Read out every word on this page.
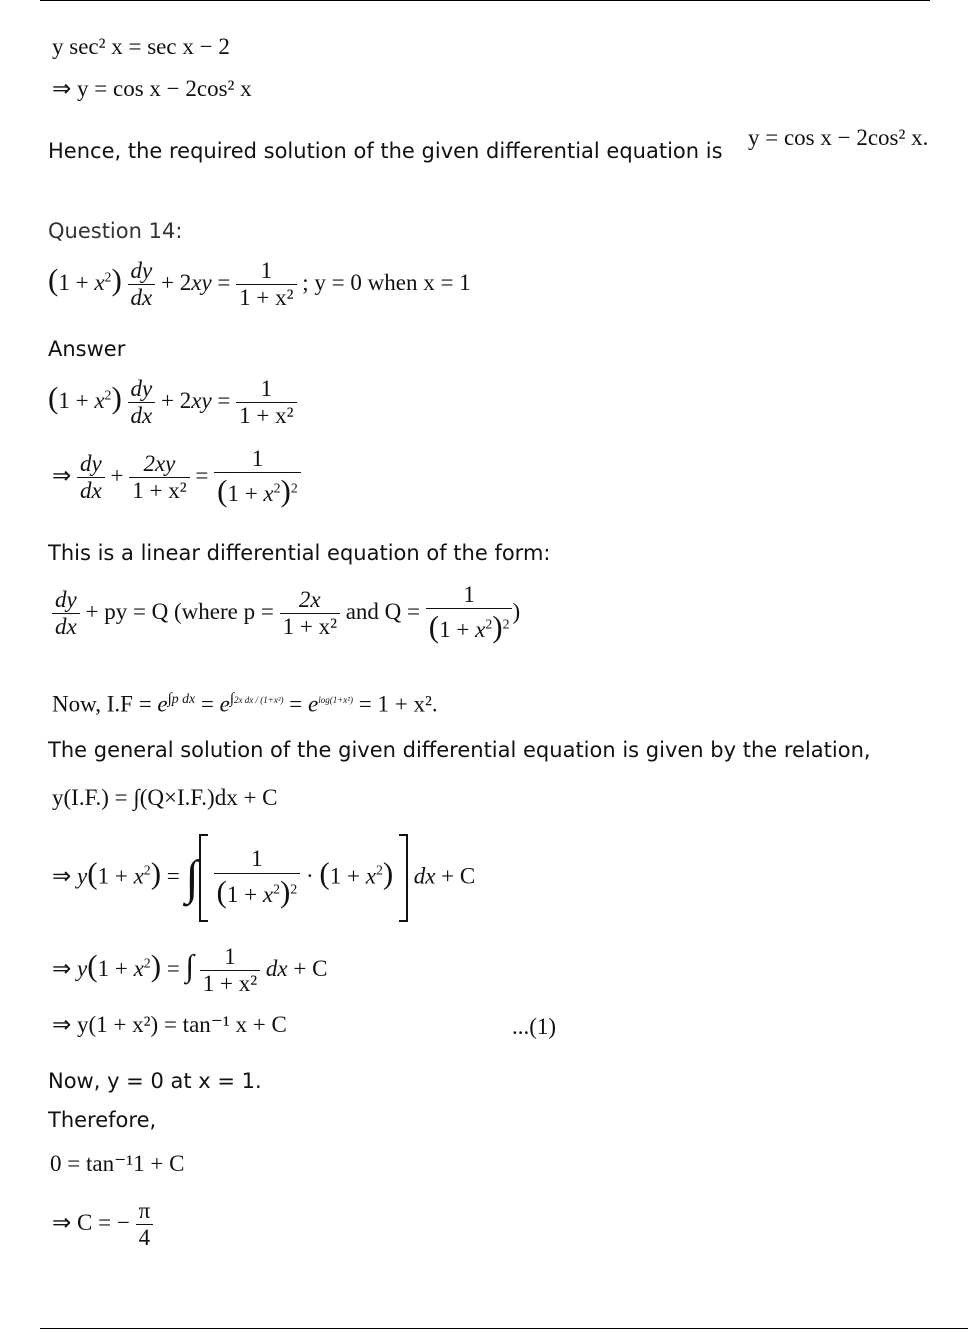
y sec² x = sec x − 2
⇒ y = cos x − 2cos² x
Hence, the required solution of the given differential equation is
y = cos x − 2cos² x.
Question 14:
$(1 + x^2) \frac{dy}{dx} + 2xy = \frac{1}{\text{1 + x²}}$ ; y = 0 when x = 1
Answer
$(1 + x^2) \frac{dy}{dx} + 2xy = \frac{1}{\text{1 + x²}}$
⇒ $\frac{dy}{dx} + \frac{2xy}{\text{1 + x²}} = \frac{1}{(1 + x^2)^2}$
This is a linear differential equation of the form:
$\frac{dy}{dx}$ + py = Q (where $p = \frac{2x}{\text{1 + x²}}$ and $Q = \frac{1}{(1 + x^2)^2}$ )
Now, $I.F = e^{\int p dx} = e^{\int 2x dx / (1+x^2)} = e^{log(1+x^2)} = 1 + x^2$.
The general solution of the given differential equation is given by the relation,
y(I.F.) = ∫(Q×I.F.)dx + C
⇒ $y(1 + x^2)$ = ∫ $\frac{1}{(1 + x^2)^2} \cdot (1 + x^2)$ dx + C
⇒ $y(1 + x^2)$ = ∫ $\frac{1}{\text{1 + x²}}$ dx + C
⇒ y(1 + x²) = tan⁻¹ x + C	...(1)
Now, y = 0 at x = 1.
Therefore,
0 = tan⁻¹1 + C
⇒ C = − $\frac{\pi}{4}$
